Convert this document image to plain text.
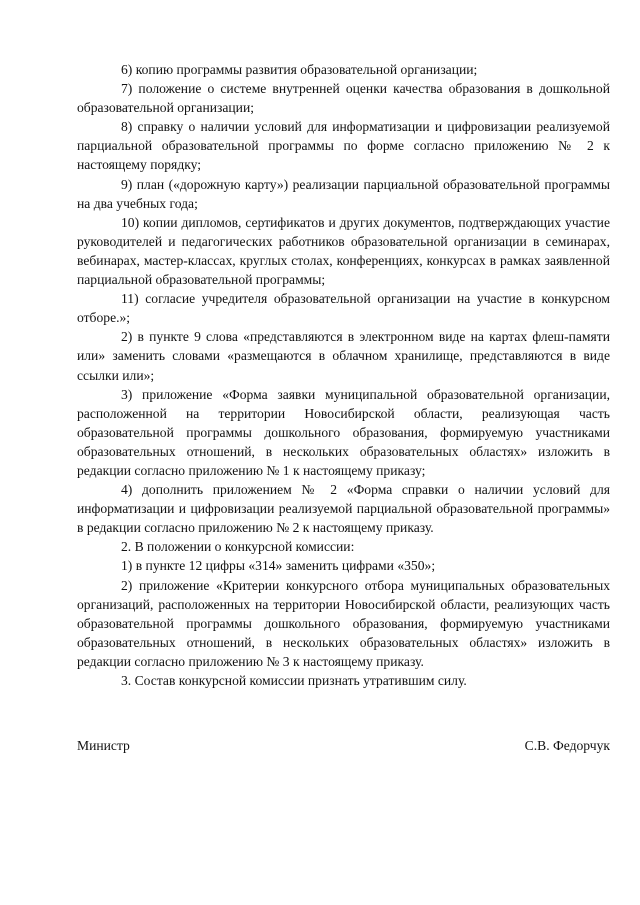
6) копию программы развития образовательной организации;

7) положение о системе внутренней оценки качества образования в дошкольной образовательной организации;

8) справку о наличии условий для информатизации и цифровизации реализуемой парциальной образовательной программы по форме согласно приложению № 2 к настоящему порядку;

9) план («дорожную карту») реализации парциальной образовательной программы на два учебных года;

10) копии дипломов, сертификатов и других документов, подтверждающих участие руководителей и педагогических работников образовательной организации в семинарах, вебинарах, мастер-классах, круглых столах, конференциях, конкурсах в рамках заявленной парциальной образовательной программы;

11) согласие учредителя образовательной организации на участие в конкурсном отборе.»;

2) в пункте 9 слова «представляются в электронном виде на картах флеш-памяти или» заменить словами «размещаются в облачном хранилище, представляются в виде ссылки или»;

3) приложение «Форма заявки муниципальной образовательной организации, расположенной на территории Новосибирской области, реализующая часть образовательной программы дошкольного образования, формируемую участниками образовательных отношений, в нескольких образовательных областях» изложить в редакции согласно приложению № 1 к настоящему приказу;

4) дополнить приложением № 2 «Форма справки о наличии условий для информатизации и цифровизации реализуемой парциальной образовательной программы» в редакции согласно приложению № 2 к настоящему приказу.

2. В положении о конкурсной комиссии:

1) в пункте 12 цифры «314» заменить цифрами «350»;

2) приложение «Критерии конкурсного отбора муниципальных образовательных организаций, расположенных на территории Новосибирской области, реализующих часть образовательной программы дошкольного образования, формируемую участниками образовательных отношений, в нескольких образовательных областях» изложить в редакции согласно приложению № 3 к настоящему приказу.

3. Состав конкурсной комиссии признать утратившим силу.

Министр	С.В. Федорчук
